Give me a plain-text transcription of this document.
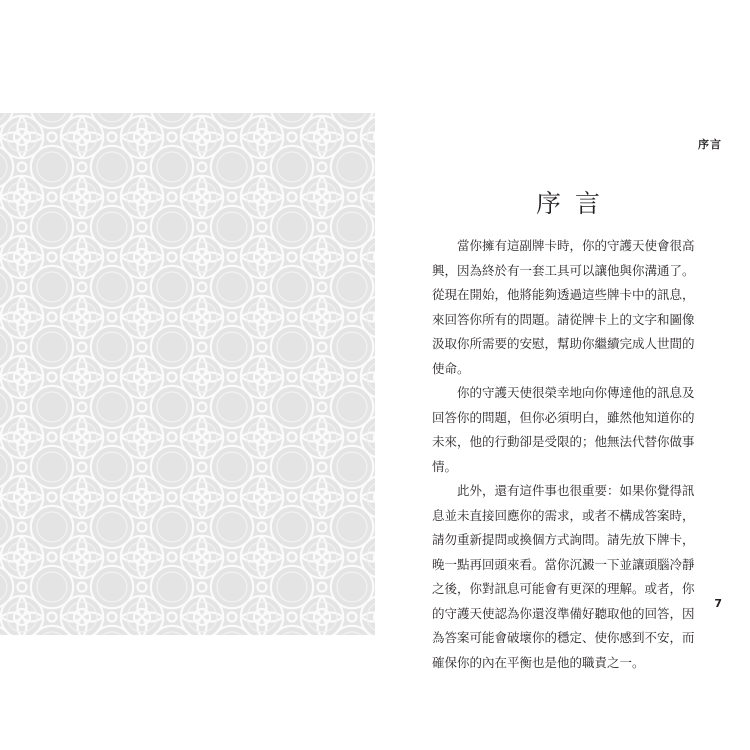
序言
序言

當你擁有這副牌卡時，你的守護天使會很高
興，因為終於有一套工具可以讓他與你溝通了。
從現在開始，他將能夠透過這些牌卡中的訊息，
來回答你所有的問題。請從牌卡上的文字和圖像
汲取你所需要的安慰，幫助你繼續完成人世間的
使命。

你的守護天使很榮幸地向你傳達他的訊息及
回答你的問題，但你必須明白，雖然他知道你的
未來，他的行動卻是受限的；他無法代替你做事
情。

此外，還有這件事也很重要：如果你覺得訊
息並未直接回應你的需求，或者不構成答案時，
請勿重新提問或換個方式詢問。請先放下牌卡，
晚一點再回頭來看。當你沉澱一下並讓頭腦冷靜
之後，你對訊息可能會有更深的理解。或者，你
的守護天使認為你還沒準備好聽取他的回答，因
為答案可能會破壞你的穩定、使你感到不安，而
確保你的內在平衡也是他的職責之一。

7
